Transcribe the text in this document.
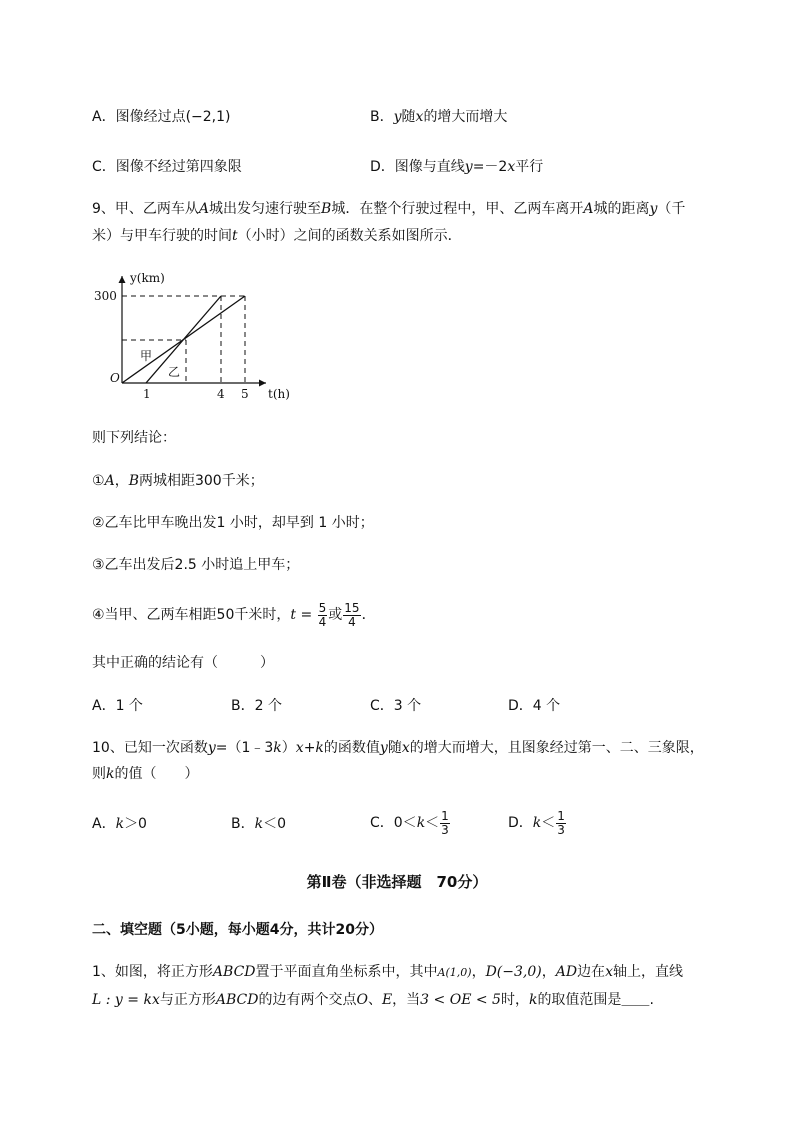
A．图像经过点(−2,1)	B．y随x的增大而增大
C．图像不经过第四象限	D．图像与直线y=－2x平行
9、甲、乙两车从A城出发匀速行驶至B城．在整个行驶过程中，甲、乙两车离开A城的距离y（千
米）与甲车行驶的时间t（小时）之间的函数关系如图所示．
y(km)
t(h)
300
O
1	4 5
甲
乙
则下列结论：
①A，B两城相距300千米；
②乙车比甲车晚出发1 小时，却早到 1 小时；
③乙车出发后2.5 小时追上甲车；
④当甲、乙两车相距50千米时，$t = \frac{5}{4}$ 或 $\frac{15}{4}$ ．
其中正确的结论有（　　　）
A．1 个	B．2 个	C．3 个	D．4 个
10、已知一次函数y=（1﹣3k）x+k的函数值y随x的增大而增大，且图象经过第一、二、三象限，
则k的值（　　）
A．k＞0	B．k＜0	C．$0<k< \frac{1}{3}$	D．$k< \frac{1}{3}$
第Ⅱ卷（非选择题　70分）
二、填空题（5小题，每小题4分，共计20分）
1、如图，将正方形ABCD置于平面直角坐标系中，其中A(1,0)，D(−3,0)，AD边在x轴上，直线
L : y = kx与正方形ABCD的边有两个交点O、E，当3 < OE < 5时，k的取值范围是＿＿.
